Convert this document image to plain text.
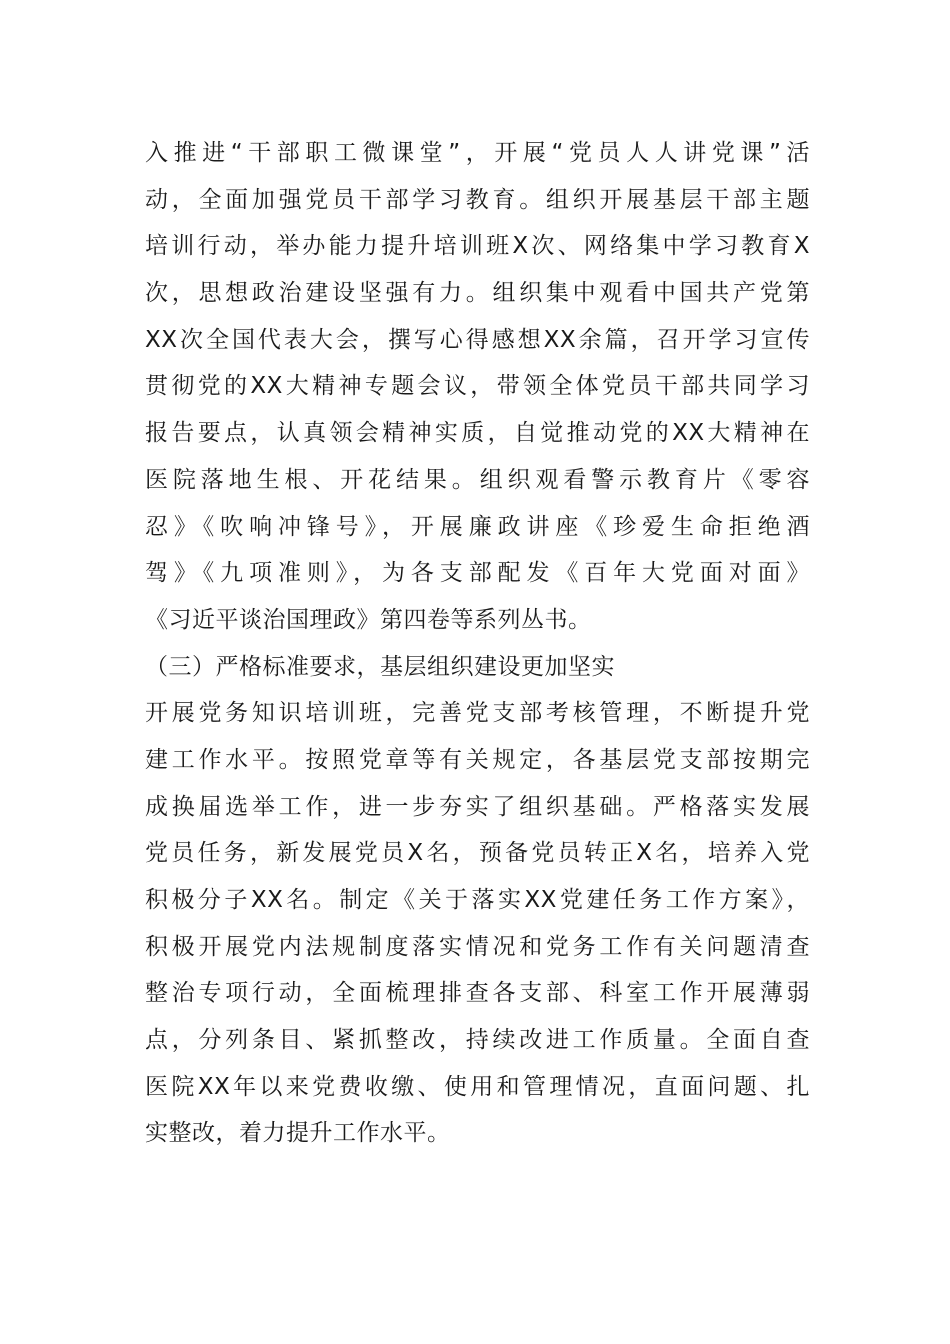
入推进“干部职工微课堂”，开展“党员人人讲党课”活
动，全面加强党员干部学习教育。组织开展基层干部主题
培训行动，举办能力提升培训班X次、网络集中学习教育X
次，思想政治建设坚强有力。组织集中观看中国共产党第
XX次全国代表大会，撰写心得感想XX余篇，召开学习宣传
贯彻党的XX大精神专题会议，带领全体党员干部共同学习
报告要点，认真领会精神实质，自觉推动党的XX大精神在
医院落地生根、开花结果。组织观看警示教育片《零容
忍》《吹响冲锋号》，开展廉政讲座《珍爱生命拒绝酒
驾》《九项准则》，为各支部配发《百年大党面对面》
《习近平谈治国理政》第四卷等系列丛书。
（三）严格标准要求，基层组织建设更加坚实
开展党务知识培训班，完善党支部考核管理，不断提升党
建工作水平。按照党章等有关规定，各基层党支部按期完
成换届选举工作，进一步夯实了组织基础。严格落实发展
党员任务，新发展党员X名，预备党员转正X名，培养入党
积极分子XX名。制定《关于落实XX党建任务工作方案》，
积极开展党内法规制度落实情况和党务工作有关问题清查
整治专项行动，全面梳理排查各支部、科室工作开展薄弱
点，分列条目、紧抓整改，持续改进工作质量。全面自查
医院XX年以来党费收缴、使用和管理情况，直面问题、扎
实整改，着力提升工作水平。
